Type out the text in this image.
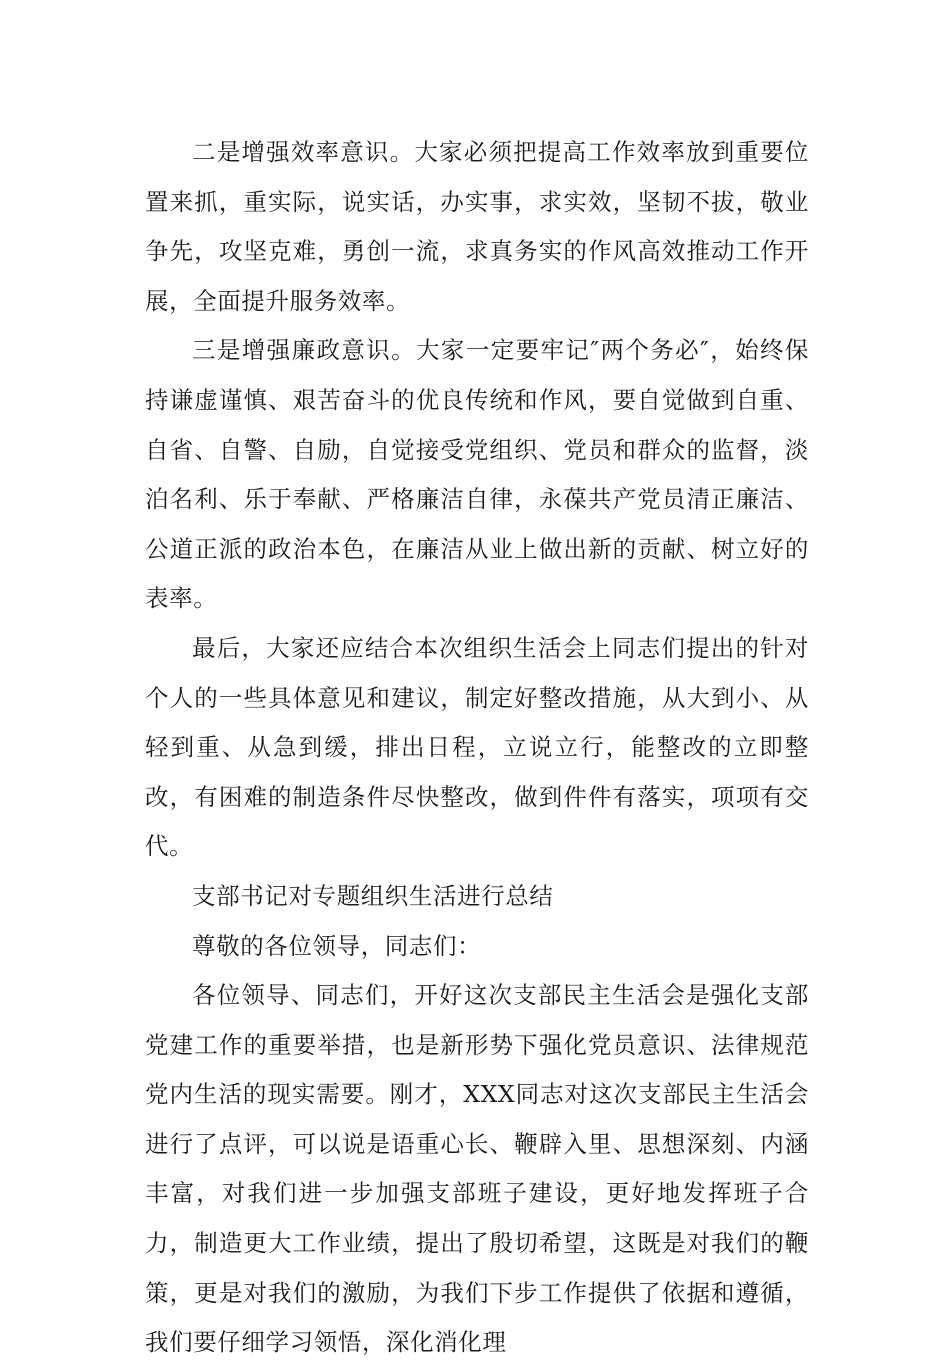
二是增强效率意识。大家必须把提高工作效率放到重要位置来抓，重实际，说实话，办实事，求实效，坚韧不拔，敬业争先，攻坚克难，勇创一流，求真务实的作风高效推动工作开展，全面提升服务效率。

三是增强廉政意识。大家一定要牢记″两个务必″，始终保持谦虚谨慎、艰苦奋斗的优良传统和作风，要自觉做到自重、自省、自警、自励，自觉接受党组织、党员和群众的监督，淡泊名利、乐于奉献、严格廉洁自律，永葆共产党员清正廉洁、公道正派的政治本色，在廉洁从业上做出新的贡献、树立好的表率。

最后，大家还应结合本次组织生活会上同志们提出的针对个人的一些具体意见和建议，制定好整改措施，从大到小、从轻到重、从急到缓，排出日程，立说立行，能整改的立即整改，有困难的制造条件尽快整改，做到件件有落实，项项有交代。

支部书记对专题组织生活进行总结

尊敬的各位领导，同志们：

各位领导、同志们，开好这次支部民主生活会是强化支部党建工作的重要举措，也是新形势下强化党员意识、法律规范党内生活的现实需要。刚才，XXX同志对这次支部民主生活会进行了点评，可以说是语重心长、鞭辟入里、思想深刻、内涵丰富，对我们进一步加强支部班子建设，更好地发挥班子合力，制造更大工作业绩，提出了殷切希望，这既是对我们的鞭策，更是对我们的激励，为我们下步工作提供了依据和遵循，我们要仔细学习领悟，深化消化理
